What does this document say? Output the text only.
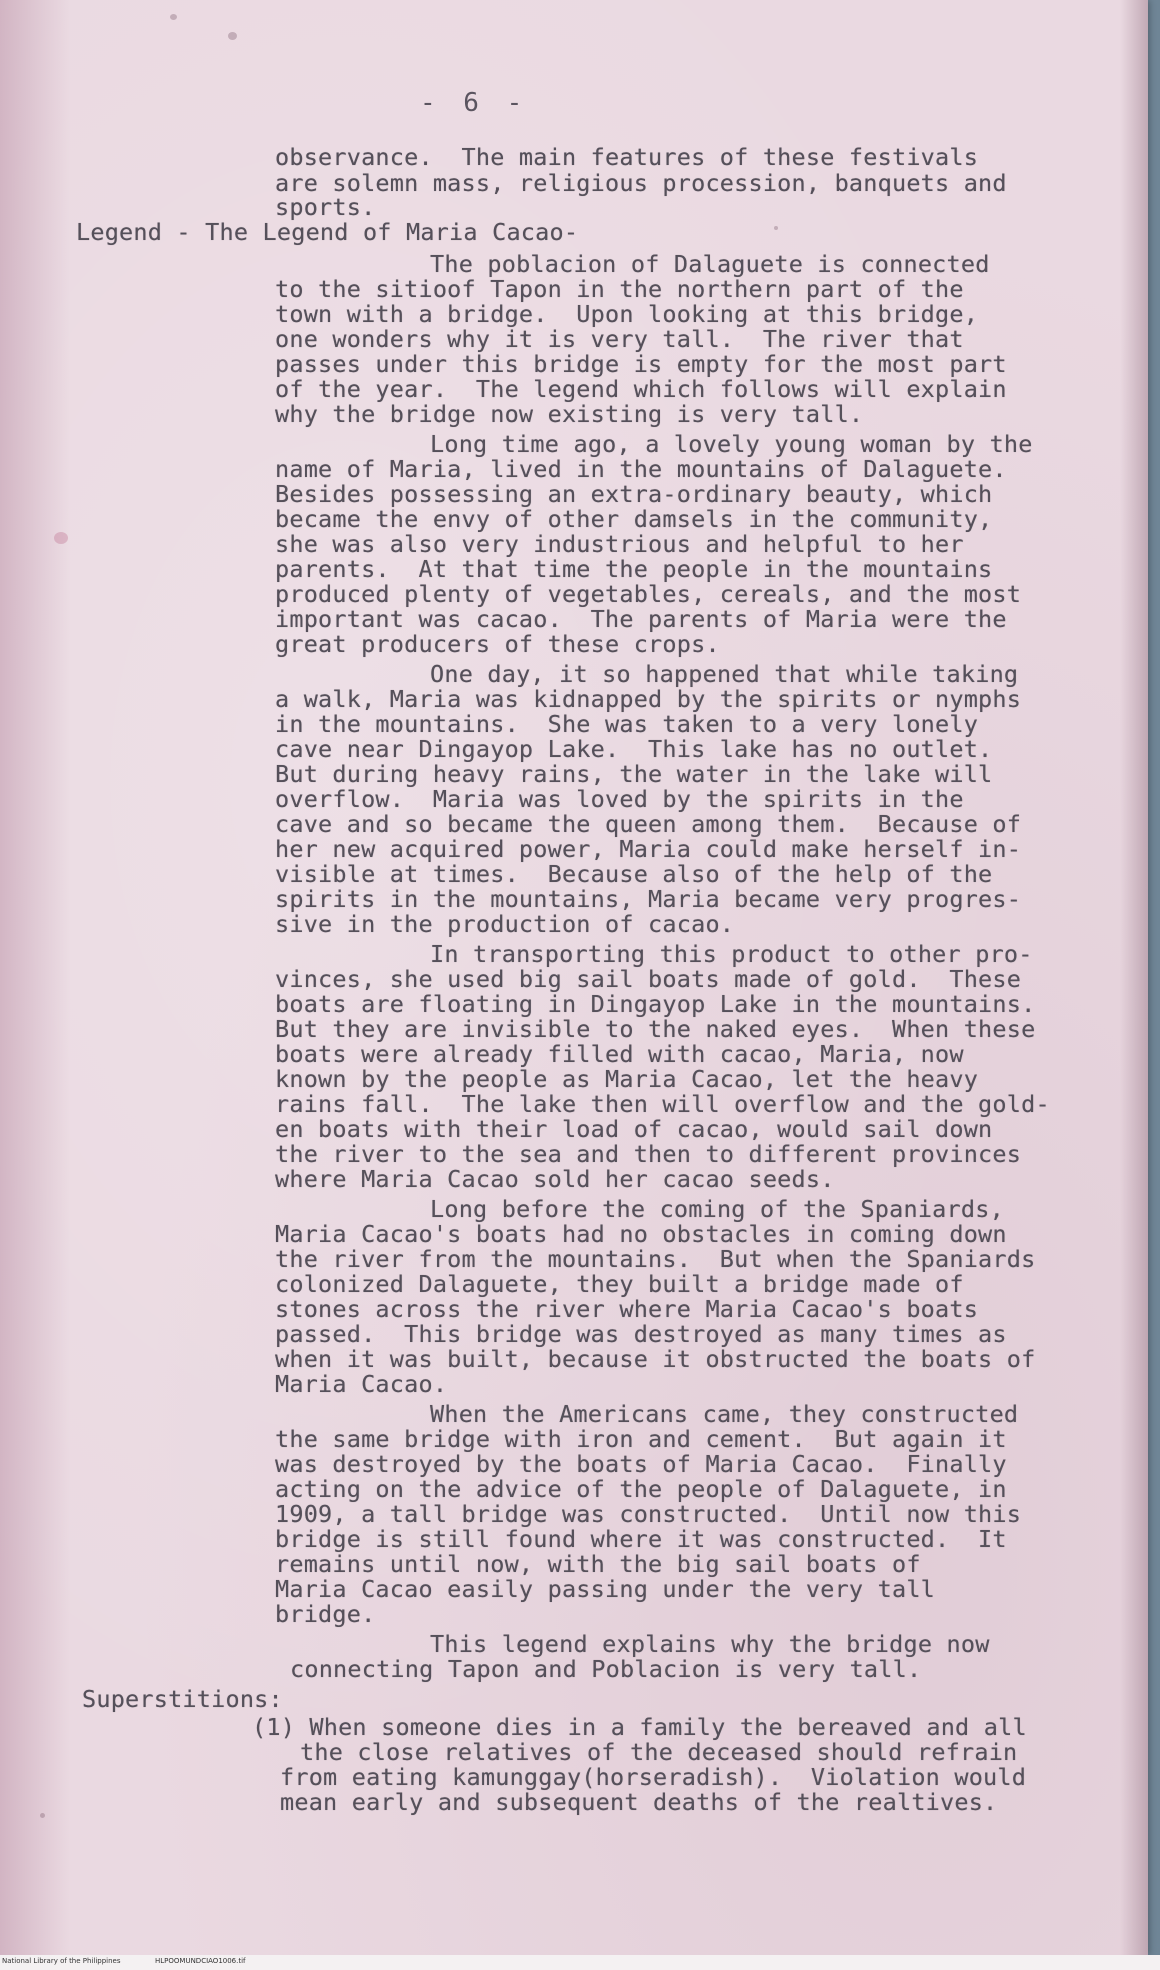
- 6 -
observance.  The main features of these festivals
are solemn mass, religious procession, banquets and
sports.
Legend - The Legend of Maria Cacao-
The poblacion of Dalaguete is connected
to the sitioof Tapon in the northern part of the
town with a bridge.  Upon looking at this bridge,
one wonders why it is very tall.  The river that
passes under this bridge is empty for the most part
of the year.  The legend which follows will explain
why the bridge now existing is very tall.
Long time ago, a lovely young woman by the
name of Maria, lived in the mountains of Dalaguete.
Besides possessing an extra-ordinary beauty, which
became the envy of other damsels in the community,
she was also very industrious and helpful to her
parents.  At that time the people in the mountains
produced plenty of vegetables, cereals, and the most
important was cacao.  The parents of Maria were the
great producers of these crops.
One day, it so happened that while taking
a walk, Maria was kidnapped by the spirits or nymphs
in the mountains.  She was taken to a very lonely
cave near Dingayop Lake.  This lake has no outlet.
But during heavy rains, the water in the lake will
overflow.  Maria was loved by the spirits in the
cave and so became the queen among them.  Because of
her new acquired power, Maria could make herself in-
visible at times.  Because also of the help of the
spirits in the mountains, Maria became very progres-
sive in the production of cacao.
In transporting this product to other pro-
vinces, she used big sail boats made of gold.  These
boats are floating in Dingayop Lake in the mountains.
But they are invisible to the naked eyes.  When these
boats were already filled with cacao, Maria, now
known by the people as Maria Cacao, let the heavy
rains fall.  The lake then will overflow and the gold-
en boats with their load of cacao, would sail down
the river to the sea and then to different provinces
where Maria Cacao sold her cacao seeds.
Long before the coming of the Spaniards,
Maria Cacao's boats had no obstacles in coming down
the river from the mountains.  But when the Spaniards
colonized Dalaguete, they built a bridge made of
stones across the river where Maria Cacao's boats
passed.  This bridge was destroyed as many times as
when it was built, because it obstructed the boats of
Maria Cacao.
When the Americans came, they constructed
the same bridge with iron and cement.  But again it
was destroyed by the boats of Maria Cacao.  Finally
acting on the advice of the people of Dalaguete, in
1909, a tall bridge was constructed.  Until now this
bridge is still found where it was constructed.  It
remains until now, with the big sail boats of
Maria Cacao easily passing under the very tall
bridge.
This legend explains why the bridge now
connecting Tapon and Poblacion is very tall.
Superstitions:
(1) When someone dies in a family the bereaved and all
the close relatives of the deceased should refrain
from eating kamunggay(horseradish).  Violation would
mean early and subsequent deaths of the realtives.
National Library of the Philippines	HLPOOMUNDCIAO1006.tif
